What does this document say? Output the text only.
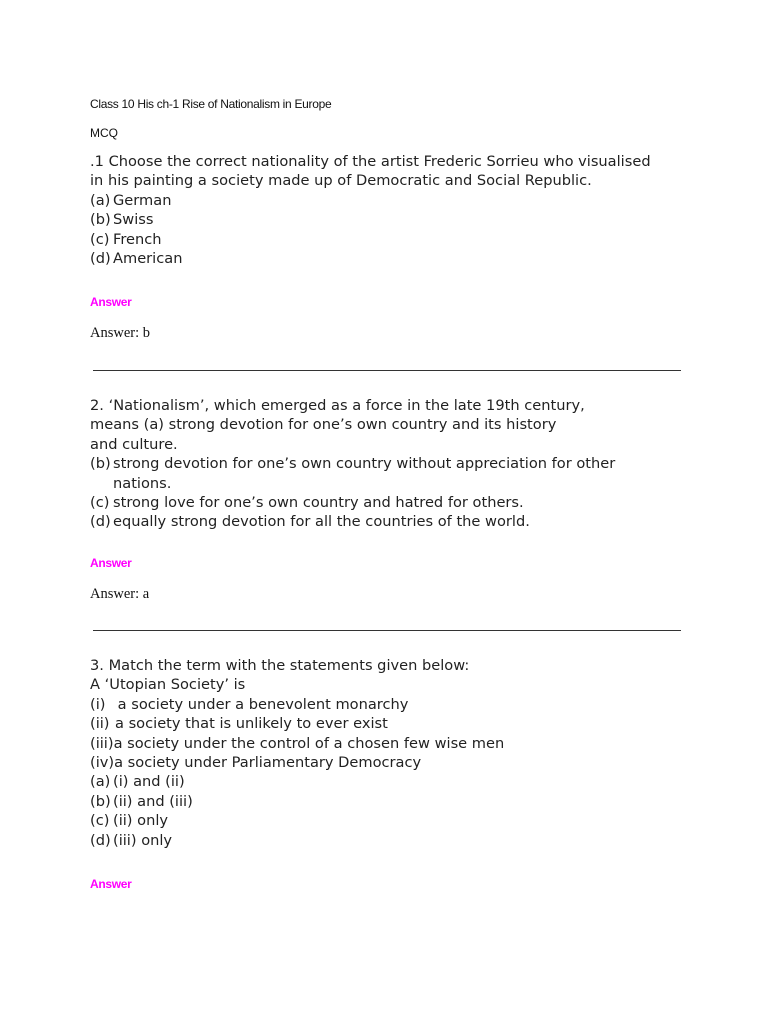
Class 10 His ch-1 Rise of Nationalism in Europe
MCQ
.1 Choose the correct nationality of the artist Frederic Sorrieu who visualised
in his painting a society made up of Democratic and Social Republic.
(a) German
(b) Swiss
(c) French
(d) American
Answer
Answer: b
2. ‘Nationalism’, which emerged as a force in the late 19th century,
means (a) strong devotion for one’s own country and its history
and culture.
(b) strong devotion for one’s own country without appreciation for other nations.
(c) strong love for one’s own country and hatred for others.
(d) equally strong devotion for all the countries of the world.
Answer
Answer: a
3. Match the term with the statements given below:
A ‘Utopian Society’ is
(i) a society under a benevolent monarchy
(ii) a society that is unlikely to ever exist
(iii) a society under the control of a chosen few wise men
(iv) a society under Parliamentary Democracy
(a) (i) and (ii)
(b) (ii) and (iii)
(c) (ii) only
(d) (iii) only
Answer
